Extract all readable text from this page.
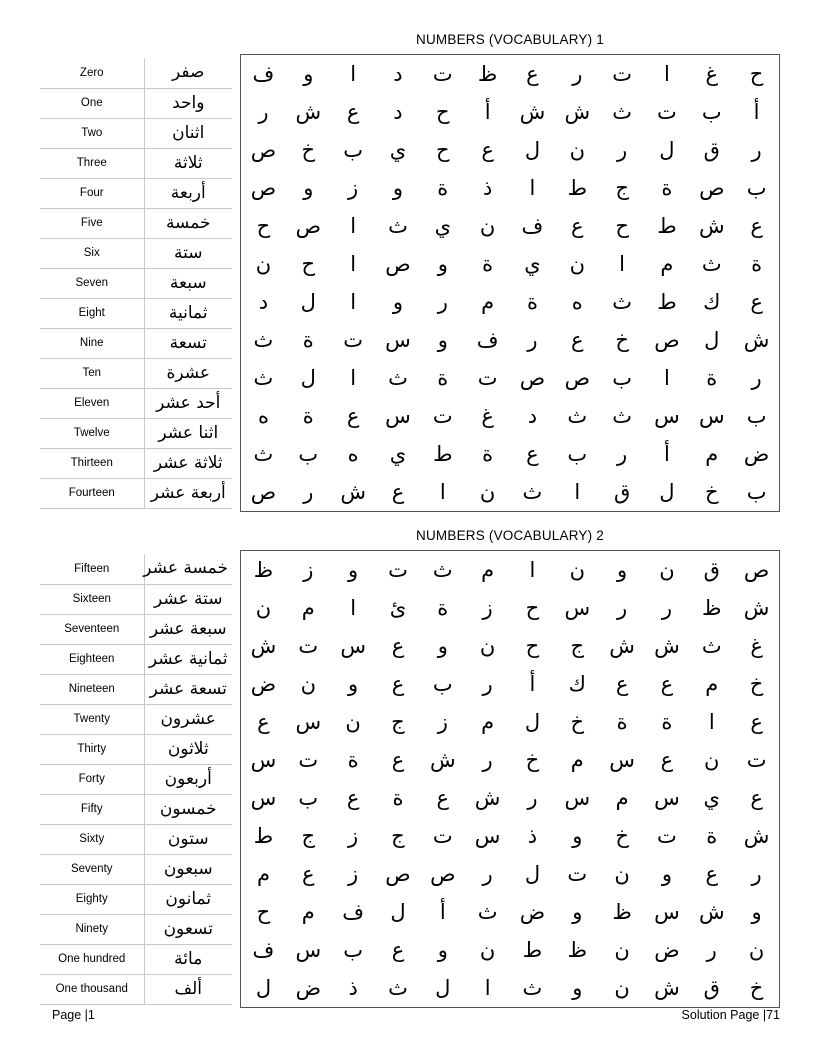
NUMBERS (VOCABULARY) 1
Zero	صفر
One	واحد
Two	اثنان
Three	ثلاثة
Four	أربعة
Five	خمسة
Six	ستة
Seven	سبعة
Eight	ثمانية
Nine	تسعة
Ten	عشرة
Eleven	أحد عشر
Twelve	اثنا عشر
Thirteen	ثلاثة عشر
Fourteen	أربعة عشر
ح	غ	ا	ت	ر	ع	ظ	ت	د	ا	و	ف
أ	ب	ت	ث	ش	ش	أ	ح	د	ع	ش	ر
ر	ق	ل	ر	ن	ل	ع	ح	ي	ب	خ	ص
ب	ص	ة	ج	ط	ا	ذ	ة	و	ز	و	ص
ع	ش	ط	ح	ع	ف	ن	ي	ث	ا	ص	ح
ة	ث	م	ا	ن	ي	ة	و	ص	ا	ح	ن
ع	ك	ط	ث	ه	ة	م	ر	و	ا	ل	د
ش	ل	ص	خ	ع	ر	ف	و	س	ت	ة	ث
ر	ة	ا	ب	ص	ص	ت	ة	ث	ا	ل	ث
ب	س	س	ث	ث	د	غ	ت	س	ع	ة	ه
ض	م	أ	ر	ب	ع	ة	ط	ي	ه	ب	ث
ب	خ	ل	ق	ا	ث	ن	ا	ع	ش	ر	ص
NUMBERS (VOCABULARY) 2
Fifteen	خمسة عشر
Sixteen	ستة عشر
Seventeen	سبعة عشر
Eighteen	ثمانية عشر
Nineteen	تسعة عشر
Twenty	عشرون
Thirty	ثلاثون
Forty	أربعون
Fifty	خمسون
Sixty	ستون
Seventy	سبعون
Eighty	ثمانون
Ninety	تسعون
One hundred	مائة
One thousand	ألف
ص	ق	ن	و	ن	ا	م	ث	ت	و	ز	ظ
ش	ظ	ر	ر	س	ح	ز	ة	ئ	ا	م	ن
غ	ث	ش	ش	ج	ح	ن	و	ع	س	ت	ش
خ	م	ع	ع	ك	أ	ر	ب	ع	و	ن	ض
ع	ا	ة	ة	خ	ل	م	ز	ج	ن	س	ع
ت	ن	ع	س	م	خ	ر	ش	ع	ة	ت	س
ع	ي	س	م	س	ر	ش	ع	ة	ع	ب	س
ش	ة	ت	خ	و	ذ	س	ت	ج	ز	ج	ط
ر	ع	و	ن	ت	ل	ر	ص	ص	ز	ع	م
و	ش	س	ظ	و	ض	ث	أ	ل	ف	م	ح
ن	ر	ض	ن	ظ	ط	ن	و	ع	ب	س	ف
خ	ق	ش	ن	و	ث	ا	ل	ث	ذ	ض	ل
Page |1	Solution Page |71
